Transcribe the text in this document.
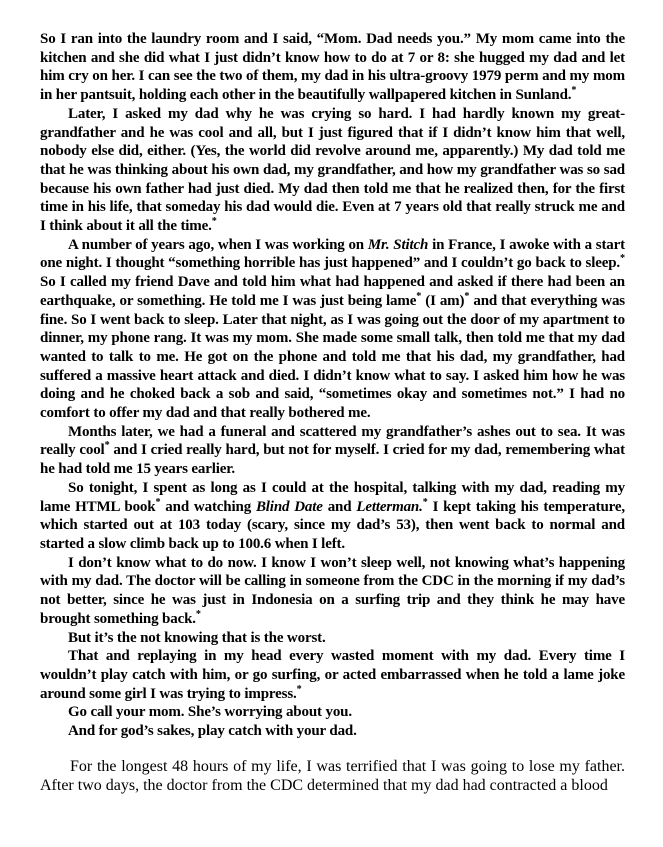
So I ran into the laundry room and I said, “Mom. Dad needs you.” My mom came into the kitchen and she did what I just didn’t know how to do at 7 or 8: she hugged my dad and let him cry on her. I can see the two of them, my dad in his ultra-groovy 1979 perm and my mom in her pantsuit, holding each other in the beautifully wallpapered kitchen in Sunland.*

Later, I asked my dad why he was crying so hard. I had hardly known my great-grandfather and he was cool and all, but I just figured that if I didn’t know him that well, nobody else did, either. (Yes, the world did revolve around me, apparently.) My dad told me that he was thinking about his own dad, my grandfather, and how my grandfather was so sad because his own father had just died. My dad then told me that he realized then, for the first time in his life, that someday his dad would die. Even at 7 years old that really struck me and I think about it all the time.*

A number of years ago, when I was working on Mr. Stitch in France, I awoke with a start one night. I thought “something horrible has just happened” and I couldn’t go back to sleep.* So I called my friend Dave and told him what had happened and asked if there had been an earthquake, or something. He told me I was just being lame* (I am)* and that everything was fine. So I went back to sleep. Later that night, as I was going out the door of my apartment to dinner, my phone rang. It was my mom. She made some small talk, then told me that my dad wanted to talk to me. He got on the phone and told me that his dad, my grandfather, had suffered a massive heart attack and died. I didn’t know what to say. I asked him how he was doing and he choked back a sob and said, “sometimes okay and sometimes not.” I had no comfort to offer my dad and that really bothered me.

Months later, we had a funeral and scattered my grandfather’s ashes out to sea. It was really cool* and I cried really hard, but not for myself. I cried for my dad, remembering what he had told me 15 years earlier.

So tonight, I spent as long as I could at the hospital, talking with my dad, reading my lame HTML book* and watching Blind Date and Letterman.* I kept taking his temperature, which started out at 103 today (scary, since my dad’s 53), then went back to normal and started a slow climb back up to 100.6 when I left.

I don’t know what to do now. I know I won’t sleep well, not knowing what’s happening with my dad. The doctor will be calling in someone from the CDC in the morning if my dad’s not better, since he was just in Indonesia on a surfing trip and they think he may have brought something back.*

But it’s the not knowing that is the worst.

That and replaying in my head every wasted moment with my dad. Every time I wouldn’t play catch with him, or go surfing, or acted embarrassed when he told a lame joke around some girl I was trying to impress.*

Go call your mom. She’s worrying about you.

And for god’s sakes, play catch with your dad.

For the longest 48 hours of my life, I was terrified that I was going to lose my father. After two days, the doctor from the CDC determined that my dad had contracted a blood
